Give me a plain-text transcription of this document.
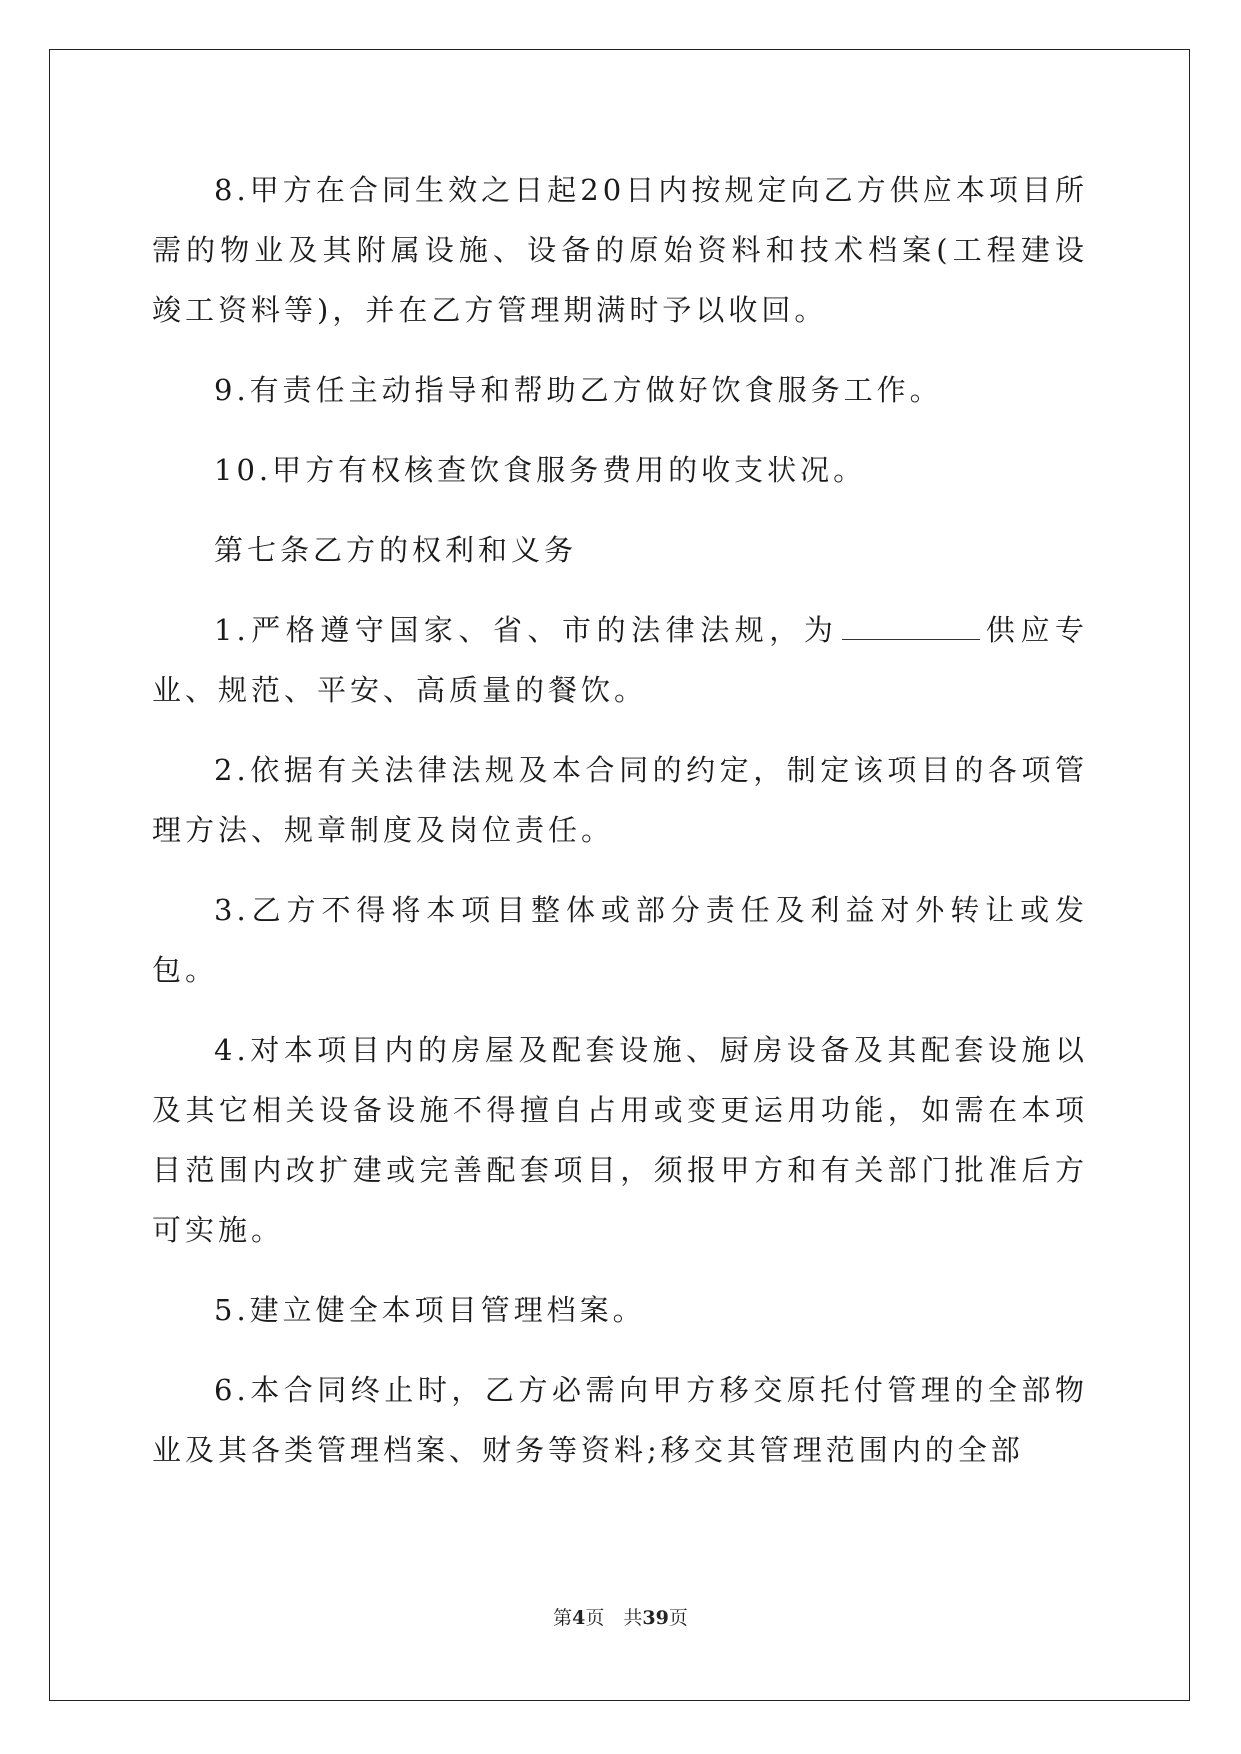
8.甲方在合同生效之日起20日内按规定向乙方供应本项目所需的物业及其附属设施、设备的原始资料和技术档案(工程建设竣工资料等)，并在乙方管理期满时予以收回。

9.有责任主动指导和帮助乙方做好饮食服务工作。

10.甲方有权核查饮食服务费用的收支状况。

第七条乙方的权利和义务

1.严格遵守国家、省、市的法律法规，为	供应专业、规范、平安、高质量的餐饮。

2.依据有关法律法规及本合同的约定，制定该项目的各项管理方法、规章制度及岗位责任。

3.乙方不得将本项目整体或部分责任及利益对外转让或发包。

4.对本项目内的房屋及配套设施、厨房设备及其配套设施以及其它相关设备设施不得擅自占用或变更运用功能，如需在本项目范围内改扩建或完善配套项目，须报甲方和有关部门批准后方可实施。

5.建立健全本项目管理档案。

6.本合同终止时，乙方必需向甲方移交原托付管理的全部物业及其各类管理档案、财务等资料;移交其管理范围内的全部

第4页　共39页
